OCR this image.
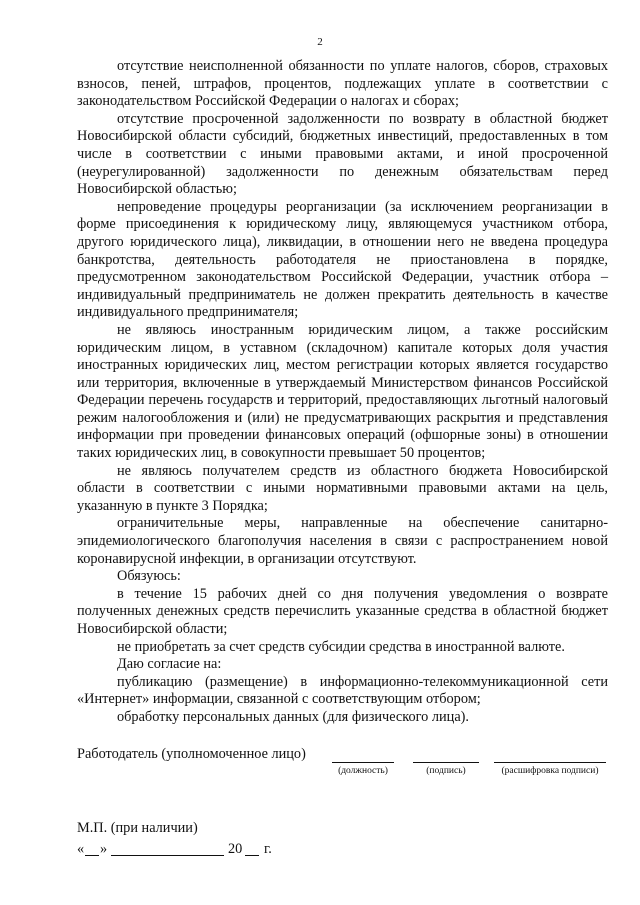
2

отсутствие неисполненной обязанности по уплате налогов, сборов, страховых взносов, пеней, штрафов, процентов, подлежащих уплате в соответствии с законодательством Российской Федерации о налогах и сборах;

отсутствие просроченной задолженности по возврату в областной бюджет Новосибирской области субсидий, бюджетных инвестиций, предоставленных в том числе в соответствии с иными правовыми актами, и иной просроченной (неурегулированной) задолженности по денежным обязательствам перед Новосибирской областью;

непроведение процедуры реорганизации (за исключением реорганизации в форме присоединения к юридическому лицу, являющемуся участником отбора, другого юридического лица), ликвидации, в отношении него не введена процедура банкротства, деятельность работодателя не приостановлена в порядке, предусмотренном законодательством Российской Федерации, участник отбора – индивидуальный предприниматель не должен прекратить деятельность в качестве индивидуального предпринимателя;

не являюсь иностранным юридическим лицом, а также российским юридическим лицом, в уставном (складочном) капитале которых доля участия иностранных юридических лиц, местом регистрации которых является государство или территория, включенные в утверждаемый Министерством финансов Российской Федерации перечень государств и территорий, предоставляющих льготный налоговый режим налогообложения и (или) не предусматривающих раскрытия и представления информации при проведении финансовых операций (офшорные зоны) в отношении таких юридических лиц, в совокупности превышает 50 процентов;

не являюсь получателем средств из областного бюджета Новосибирской области в соответствии с иными нормативными правовыми актами на цель, указанную в пункте 3 Порядка;

ограничительные меры, направленные на обеспечение санитарно-эпидемиологического благополучия населения в связи с распространением новой коронавирусной инфекции, в организации отсутствуют.

Обязуюсь:

в течение 15 рабочих дней со дня получения уведомления о возврате полученных денежных средств перечислить указанные средства в областной бюджет Новосибирской области;

не приобретать за счет средств субсидии средства в иностранной валюте.

Даю согласие на:

публикацию (размещение) в информационно-телекоммуникационной сети «Интернет» информации, связанной с соответствующим отбором;

обработку персональных данных (для физического лица).

Работодатель (уполномоченное лицо)
(должность)	(подпись)	(расшифровка подписи)
М.П. (при наличии)
« »	20 г.
